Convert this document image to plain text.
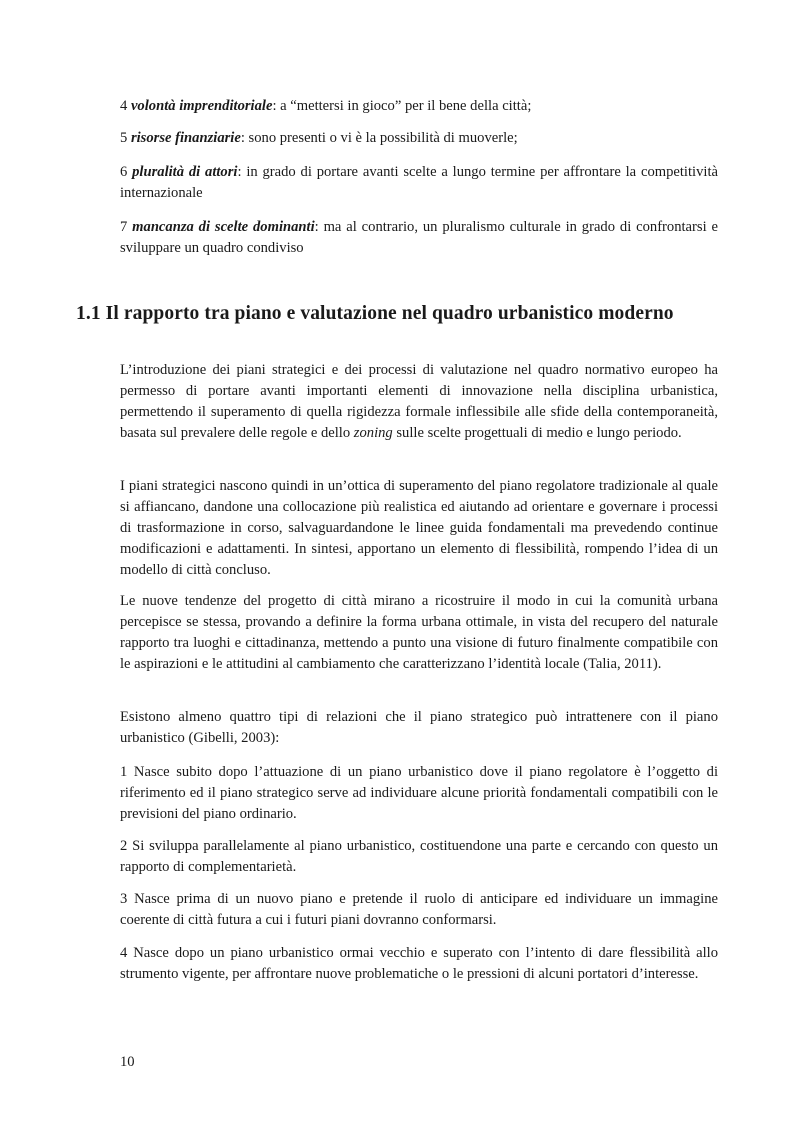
4 volontà imprenditoriale: a “mettersi in gioco” per il bene della città;

5 risorse finanziarie: sono presenti o vi è la possibilità di muoverle;

6 pluralità di attori: in grado di portare avanti scelte a lungo termine per affrontare la competitività internazionale

7 mancanza di scelte dominanti: ma al contrario, un pluralismo culturale in grado di confrontarsi e sviluppare un quadro condiviso

1.1 Il rapporto tra piano e valutazione nel quadro urbanistico moderno

L’introduzione dei piani strategici e dei processi di valutazione nel quadro normativo europeo ha permesso di portare avanti importanti elementi di innovazione nella disciplina urbanistica, permettendo il superamento di quella rigidezza formale inflessibile alle sfide della contemporaneità, basata sul prevalere delle regole e dello zoning sulle scelte progettuali di medio e lungo periodo.

I piani strategici nascono quindi in un’ottica di superamento del piano regolatore tradizionale al quale si affiancano, dandone una collocazione più realistica ed aiutando ad orientare e governare i processi di trasformazione in corso, salvaguardandone le linee guida fondamentali ma prevedendo continue modificazioni e adattamenti. In sintesi, apportano un elemento di flessibilità, rompendo l’idea di un modello di città concluso.

Le nuove tendenze del progetto di città mirano a ricostruire il modo in cui la comunità urbana percepisce se stessa, provando a definire la forma urbana ottimale, in vista del recupero del naturale rapporto tra luoghi e cittadinanza, mettendo a punto una visione di futuro finalmente compatibile con le aspirazioni e le attitudini al cambiamento che caratterizzano l’identità locale (Talia, 2011).

Esistono almeno quattro tipi di relazioni che il piano strategico può intrattenere con il piano urbanistico (Gibelli, 2003):

1 Nasce subito dopo l’attuazione di un piano urbanistico dove il piano regolatore è l’oggetto di riferimento ed il piano strategico serve ad individuare alcune priorità fondamentali compatibili con le previsioni del piano ordinario.

2 Si sviluppa parallelamente al piano urbanistico, costituendone una parte e cercando con questo un rapporto di complementarietà.

3 Nasce prima di un nuovo piano e pretende il ruolo di anticipare ed individuare un immagine coerente di città futura a cui i futuri piani dovranno conformarsi.

4 Nasce dopo un piano urbanistico ormai vecchio e superato con l’intento di dare flessibilità allo strumento vigente, per affrontare nuove problematiche o le pressioni di alcuni portatori d’interesse.

10
